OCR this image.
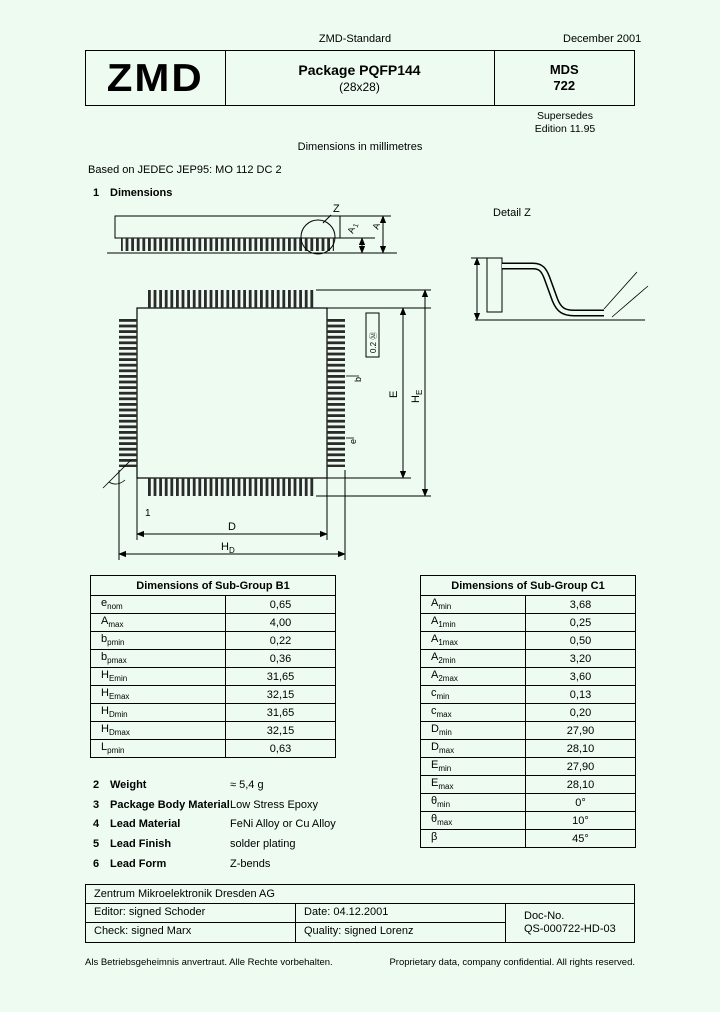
ZMD-Standard	December 2001
ZMD	Package PQFP144
(28x28)
MDS
722
Supersedes
Edition 11.95
Dimensions in millimetres
Based on JEDEC JEP95: MO 112 DC 2
1 Dimensions
Z
A
1 A
Detail Z
E
H
E
D
H D
0.2 Ⓜ
b
e
1
Dimensions of Sub-Group B1	
$e_{nom}$	0,65
$A_{max}$	4,00
$b_{pmin}$	0,22
$b_{pmax}$	0,36
$H_{Emin}$	31,65
$H_{Emax}$	32,15
$H_{Dmin}$	31,65
$H_{Dmax}$	32,15
$L_{pmin}$	0,63
Dimensions of Sub-Group C1	
$A_{min}$	3,68
$A_{1min}$	0,25
$A_{1max}$	0,50
$A_{2min}$	3,20
$A_{2max}$	3,60
$c_{min}$	0,13
$c_{max}$	0,20
$D_{min}$	27,90
$D_{max}$	28,10
$E_{min}$	27,90
$E_{max}$	28,10
$\theta_{min}$	0°
$\theta_{max}$	10°
β	45°
2 Weight	≈ 5,4 g
3 Package Body Material Low Stress Epoxy
4 Lead Material	FeNi Alloy or Cu Alloy
5 Lead Finish	solder plating
6 Lead Form	Z-bends
Zentrum Mikroelektronik Dresden AG
Doc-No.
QS-000722-HD-03
Editor: signed Schoder	Date: 04.12.2001
Check: signed Marx	Quality: signed Lorenz
Als Betriebsgeheimnis anvertraut. Alle Rechte vorbehalten.	Proprietary data, company confidential. All rights reserved.
